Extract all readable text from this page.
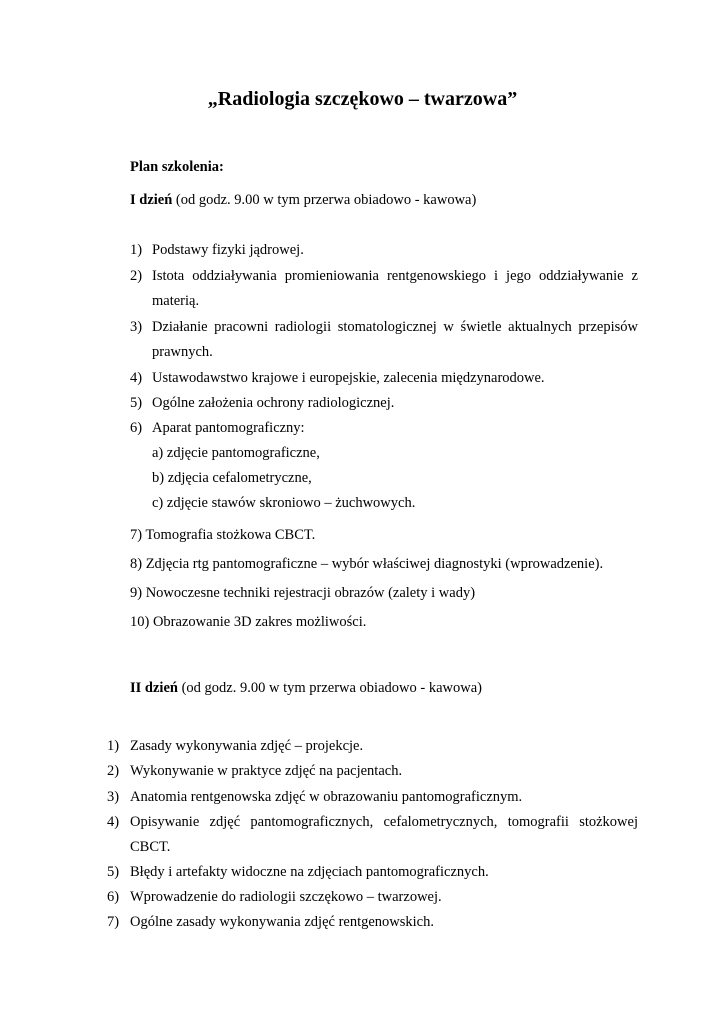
„Radiologia szczękowo – twarzowa”
Plan szkolenia:
I dzień (od godz. 9.00 w tym przerwa obiadowo - kawowa)
1) Podstawy fizyki jądrowej.
2) Istota oddziaływania promieniowania rentgenowskiego i jego oddziaływanie z
materią.
3) Działanie pracowni radiologii stomatologicznej w świetle aktualnych przepisów
prawnych.
4) Ustawodawstwo krajowe i europejskie, zalecenia międzynarodowe.
5) Ogólne założenia ochrony radiologicznej.
6) Aparat pantomograficzny:
a) zdjęcie pantomograficzne,
b) zdjęcia cefalometryczne,
c) zdjęcie stawów skroniowo – żuchwowych.
7) Tomografia stożkowa CBCT.
8) Zdjęcia rtg pantomograficzne – wybór właściwej diagnostyki (wprowadzenie).
9) Nowoczesne techniki rejestracji obrazów (zalety i wady)
10) Obrazowanie 3D zakres możliwości.
II dzień (od godz. 9.00 w tym przerwa obiadowo - kawowa)
1) Zasady wykonywania zdjęć – projekcje.
2) Wykonywanie w praktyce zdjęć na pacjentach.
3) Anatomia rentgenowska zdjęć w obrazowaniu pantomograficznym.
4) Opisywanie zdjęć pantomograficznych, cefalometrycznych, tomografii stożkowej
CBCT.
5) Błędy i artefakty widoczne na zdjęciach pantomograficznych.
6) Wprowadzenie do radiologii szczękowo – twarzowej.
7) Ogólne zasady wykonywania zdjęć rentgenowskich.
